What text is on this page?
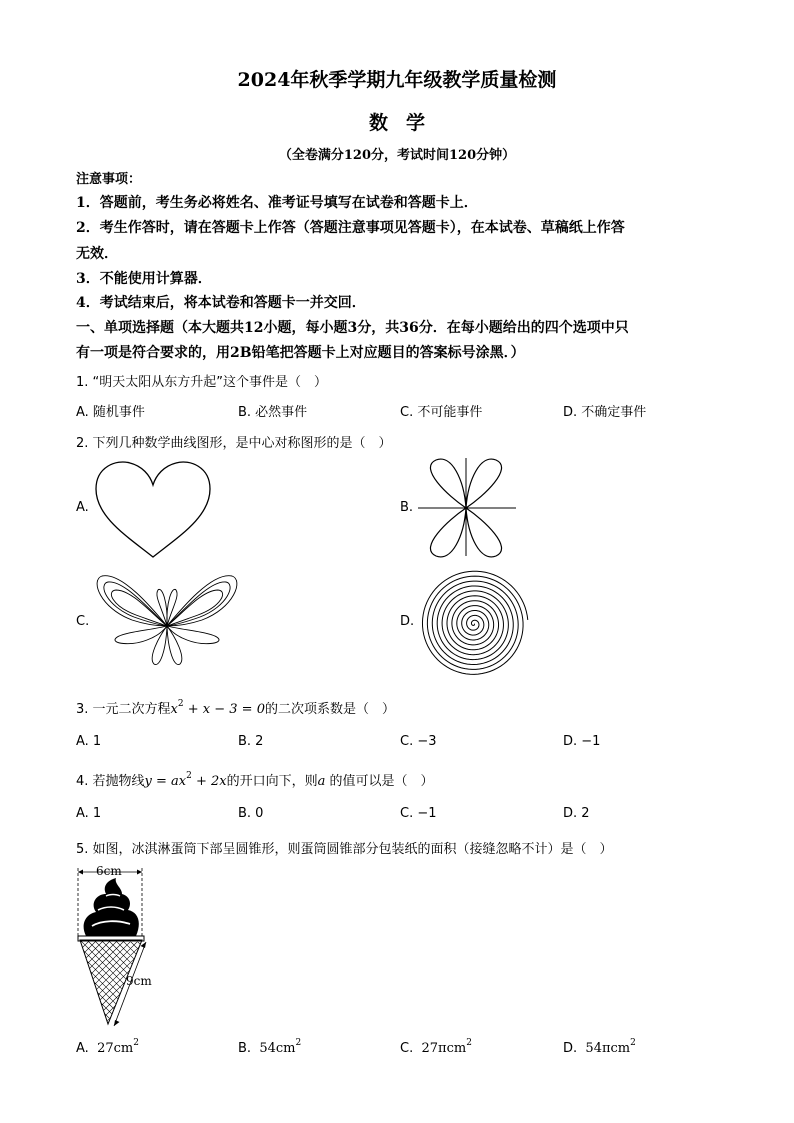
2024年秋季学期九年级教学质量检测
数学
（全卷满分120分，考试时间120分钟）
注意事项：
1．答题前，考生务必将姓名、准考证号填写在试卷和答题卡上．
2．考生作答时，请在答题卡上作答（答题注意事项见答题卡），在本试卷、草稿纸上作答
无效．
3．不能使用计算器．
4．考试结束后，将本试卷和答题卡一并交回．
一、单项选择题（本大题共12小题，每小题3分，共36分．在每小题给出的四个选项中只
有一项是符合要求的，用2B铅笔把答题卡上对应题目的答案标号涂黑．）
1. “明天太阳从东方升起”这个事件是（　）
A. 随机事件	B. 必然事件	C. 不可能事件	D. 不确定事件
2. 下列几种数学曲线图形，是中心对称图形的是（　）
A.	B.
C.	D.
3. 一元二次方程$x^2 + x - 3 = 0$的二次项系数是（　）
A. 1	B. 2	C. −3	D. −1
4. 若抛物线$y = ax^2 + 2x$的开口向下，则a 的值可以是（　）
A. 1	B. 0	C. −1	D. 2
5. 如图，冰淇淋蛋筒下部呈圆锥形，则蛋筒圆锥部分包装纸的面积（接缝忽略不计）是（　）
6cm
9cm
A. $27cm^2$	B. $54cm^2$	C. 27πcm$^2$	D. 54πcm$^2$
